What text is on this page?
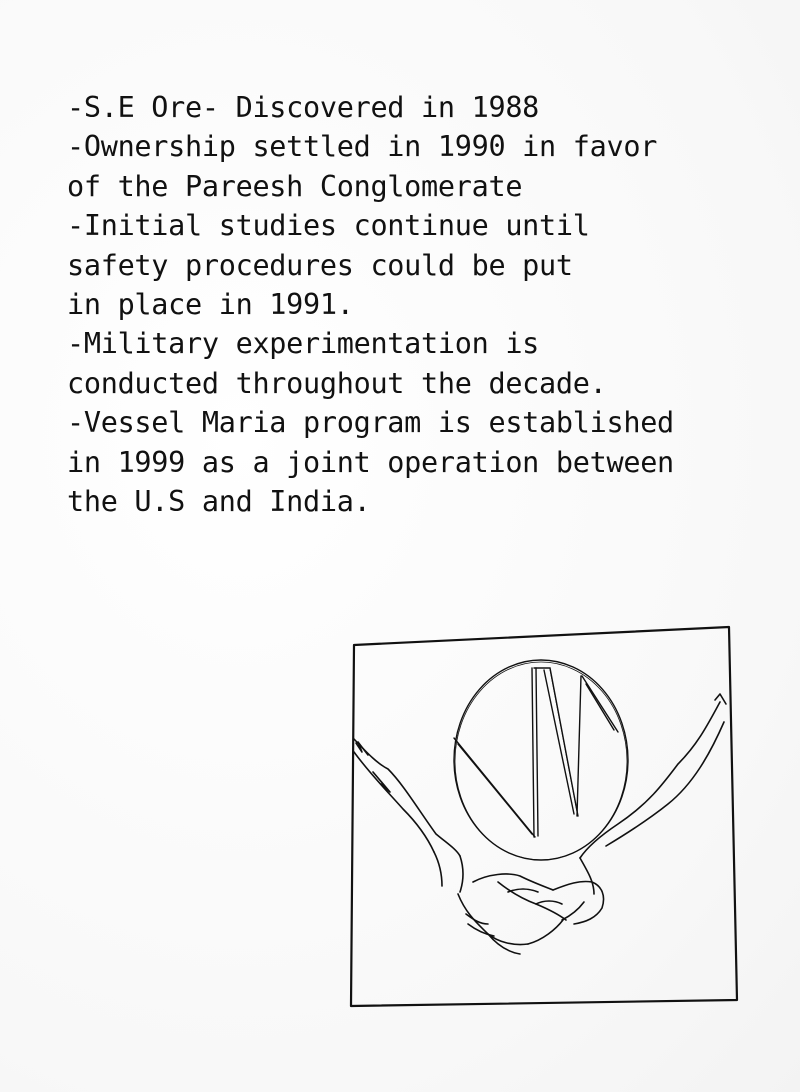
-S.E Ore- Discovered in 1988
-Ownership settled in 1990 in favor
of the Pareesh Conglomerate
-Initial studies continue until
safety procedures could be put
in place in 1991.
-Military experimentation is
conducted throughout the decade.
-Vessel Maria program is established
in 1999 as a joint operation between
the U.S and India.
